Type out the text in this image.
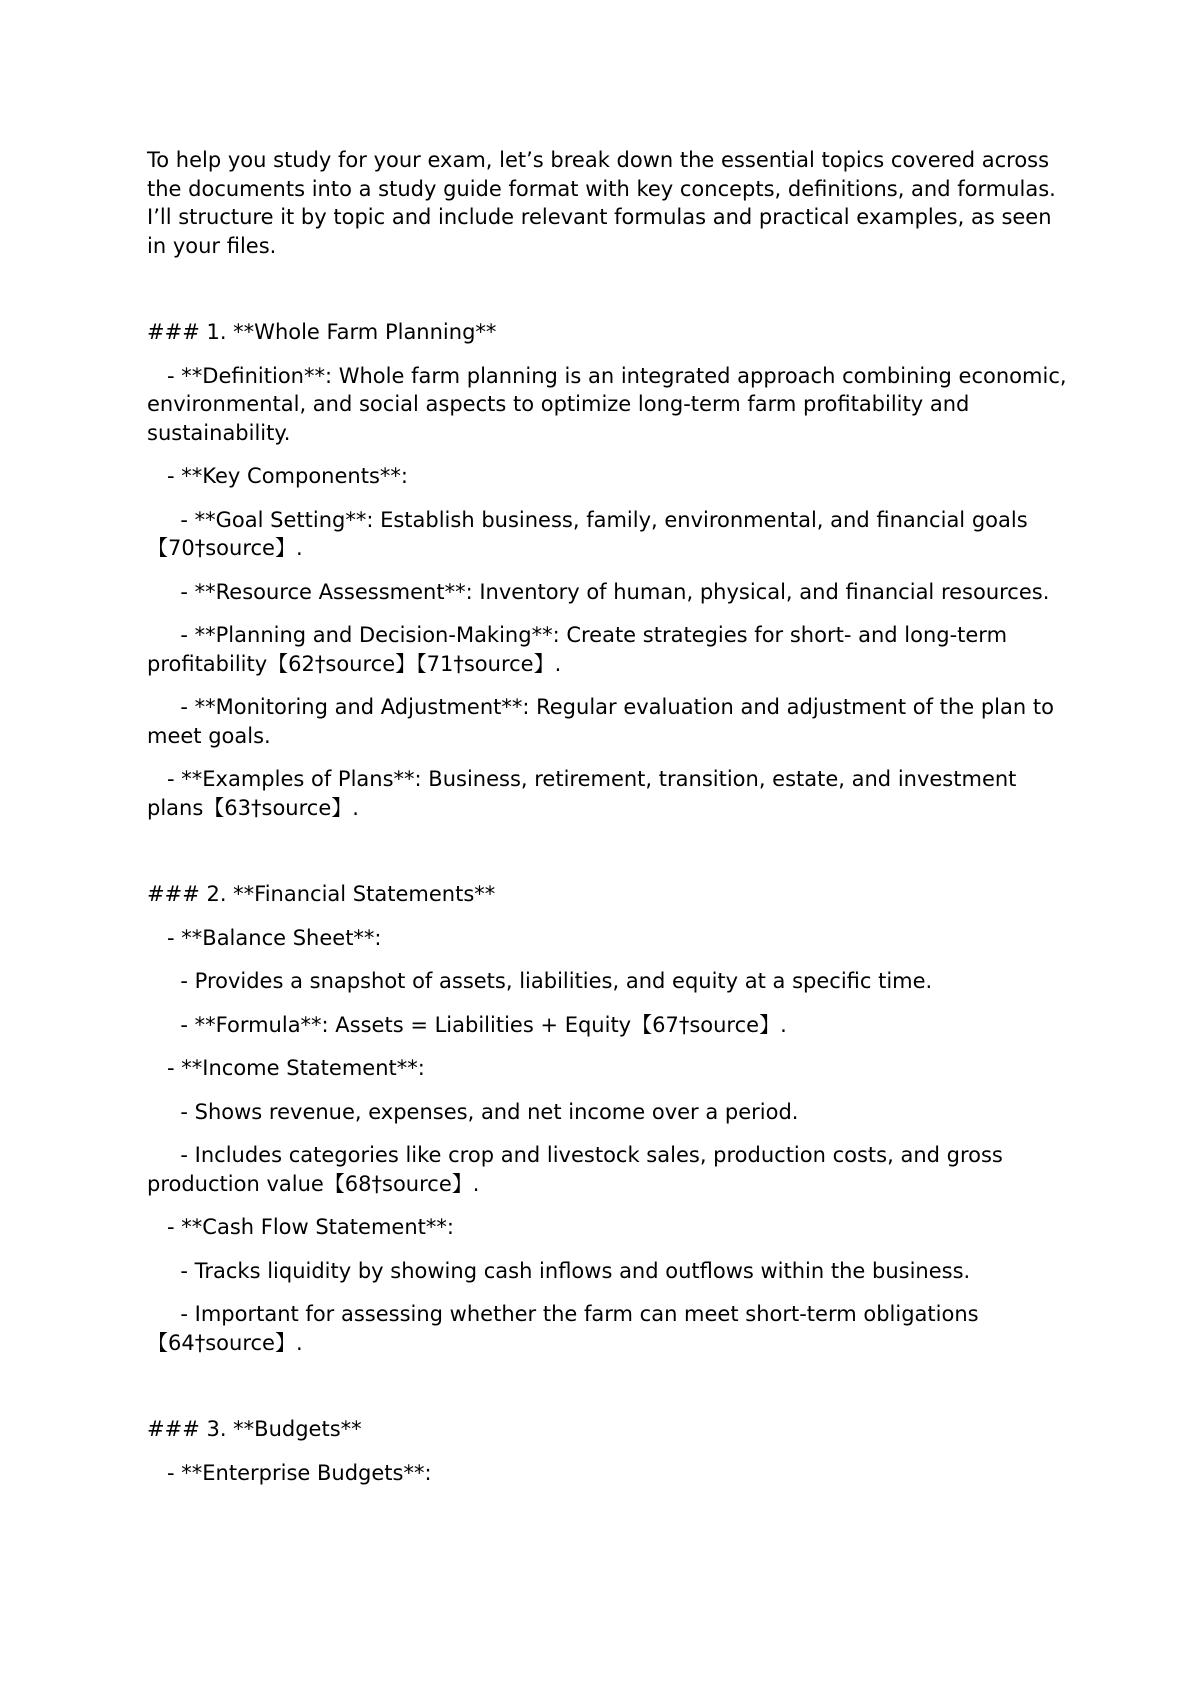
To help you study for your exam, let’s break down the essential topics covered across the documents into a study guide format with key concepts, definitions, and formulas. I’ll structure it by topic and include relevant formulas and practical examples, as seen in your files.

### 1. **Whole Farm Planning**

- **Definition**: Whole farm planning is an integrated approach combining economic, environmental, and social aspects to optimize long-term farm profitability and sustainability.

- **Key Components**:

- **Goal Setting**: Establish business, family, environmental, and financial goals【70†source】.

- **Resource Assessment**: Inventory of human, physical, and financial resources.

- **Planning and Decision-Making**: Create strategies for short- and long-term profitability【62†source】【71†source】.

- **Monitoring and Adjustment**: Regular evaluation and adjustment of the plan to meet goals.

- **Examples of Plans**: Business, retirement, transition, estate, and investment plans【63†source】.

### 2. **Financial Statements**

- **Balance Sheet**:

- Provides a snapshot of assets, liabilities, and equity at a specific time.

- **Formula**: Assets = Liabilities + Equity【67†source】.

- **Income Statement**:

- Shows revenue, expenses, and net income over a period.

- Includes categories like crop and livestock sales, production costs, and gross production value【68†source】.

- **Cash Flow Statement**:

- Tracks liquidity by showing cash inflows and outflows within the business.

- Important for assessing whether the farm can meet short-term obligations【64†source】.

### 3. **Budgets**

- **Enterprise Budgets**:
